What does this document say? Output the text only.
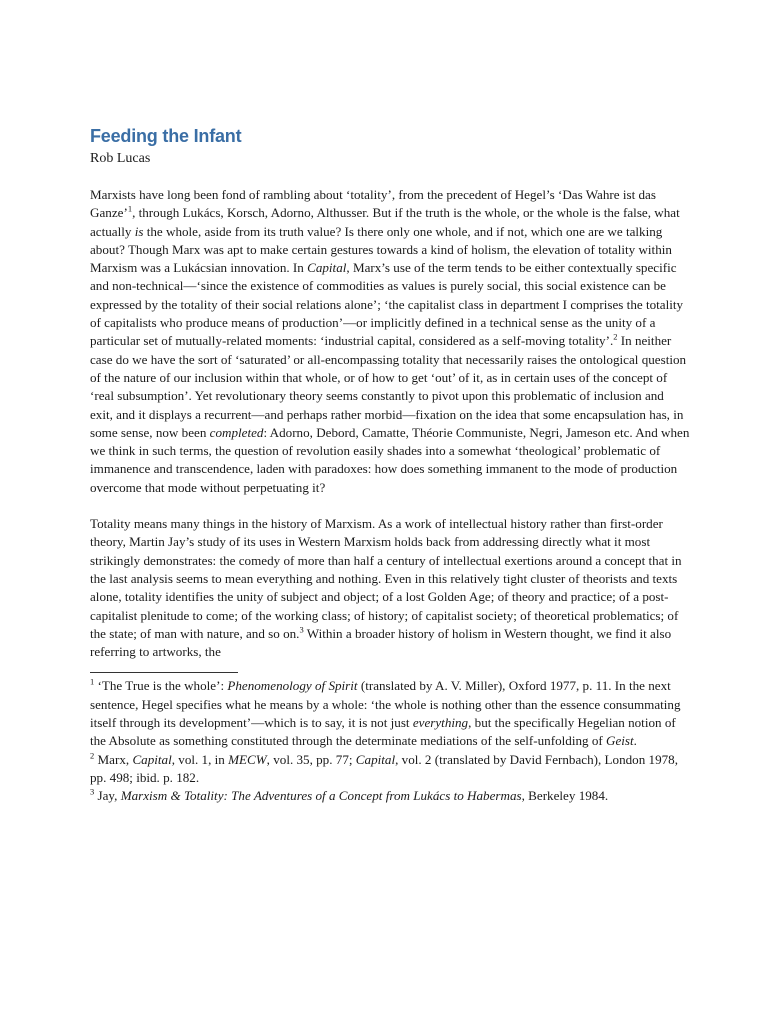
Feeding the Infant

Rob Lucas

Marxists have long been fond of rambling about ‘totality’, from the precedent of Hegel’s ‘Das Wahre ist das Ganze’$^1$, through Lukács, Korsch, Adorno, Althusser. But if the truth is the whole, or the whole is the false, what actually is the whole, aside from its truth value? Is there only one whole, and if not, which one are we talking about? Though Marx was apt to make certain gestures towards a kind of holism, the elevation of totality within Marxism was a Lukácsian innovation. In Capital, Marx’s use of the term tends to be either contextually specific and non-technical—‘since the existence of commodities as values is purely social, this social existence can be expressed by the totality of their social relations alone’; ‘the capitalist class in department I comprises the totality of capitalists who produce means of production’—or implicitly defined in a technical sense as the unity of a particular set of mutually-related moments: ‘industrial capital, considered as a self-moving totality’.$^2$ In neither case do we have the sort of ‘saturated’ or all-encompassing totality that necessarily raises the ontological question of the nature of our inclusion within that whole, or of how to get ‘out’ of it, as in certain uses of the concept of ‘real subsumption’. Yet revolutionary theory seems constantly to pivot upon this problematic of inclusion and exit, and it displays a recurrent—and perhaps rather morbid—fixation on the idea that some encapsulation has, in some sense, now been completed: Adorno, Debord, Camatte, Théorie Communiste, Negri, Jameson etc. And when we think in such terms, the question of revolution easily shades into a somewhat ‘theological’ problematic of immanence and transcendence, laden with paradoxes: how does something immanent to the mode of production overcome that mode without perpetuating it?

Totality means many things in the history of Marxism. As a work of intellectual history rather than first-order theory, Martin Jay’s study of its uses in Western Marxism holds back from addressing directly what it most strikingly demonstrates: the comedy of more than half a century of intellectual exertions around a concept that in the last analysis seems to mean everything and nothing. Even in this relatively tight cluster of theorists and texts alone, totality identifies the unity of subject and object; of a lost Golden Age; of theory and practice; of a post-capitalist plenitude to come; of the working class; of history; of capitalist society; of theoretical problematics; of the state; of man with nature, and so on.$^3$ Within a broader history of holism in Western thought, we find it also referring to artworks, the

$^1$ ‘The True is the whole’: Phenomenology of Spirit (translated by A. V. Miller), Oxford 1977, p. 11. In the next sentence, Hegel specifies what he means by a whole: ‘the whole is nothing other than the essence consummating itself through its development’—which is to say, it is not just everything, but the specifically Hegelian notion of the Absolute as something constituted through the determinate mediations of the self-unfolding of Geist.

$^2$ Marx, Capital, vol. 1, in MECW, vol. 35, pp. 77; Capital, vol. 2 (translated by David Fernbach), London 1978, pp. 498; ibid. p. 182.

$^3$ Jay, Marxism & Totality: The Adventures of a Concept from Lukács to Habermas, Berkeley 1984.
